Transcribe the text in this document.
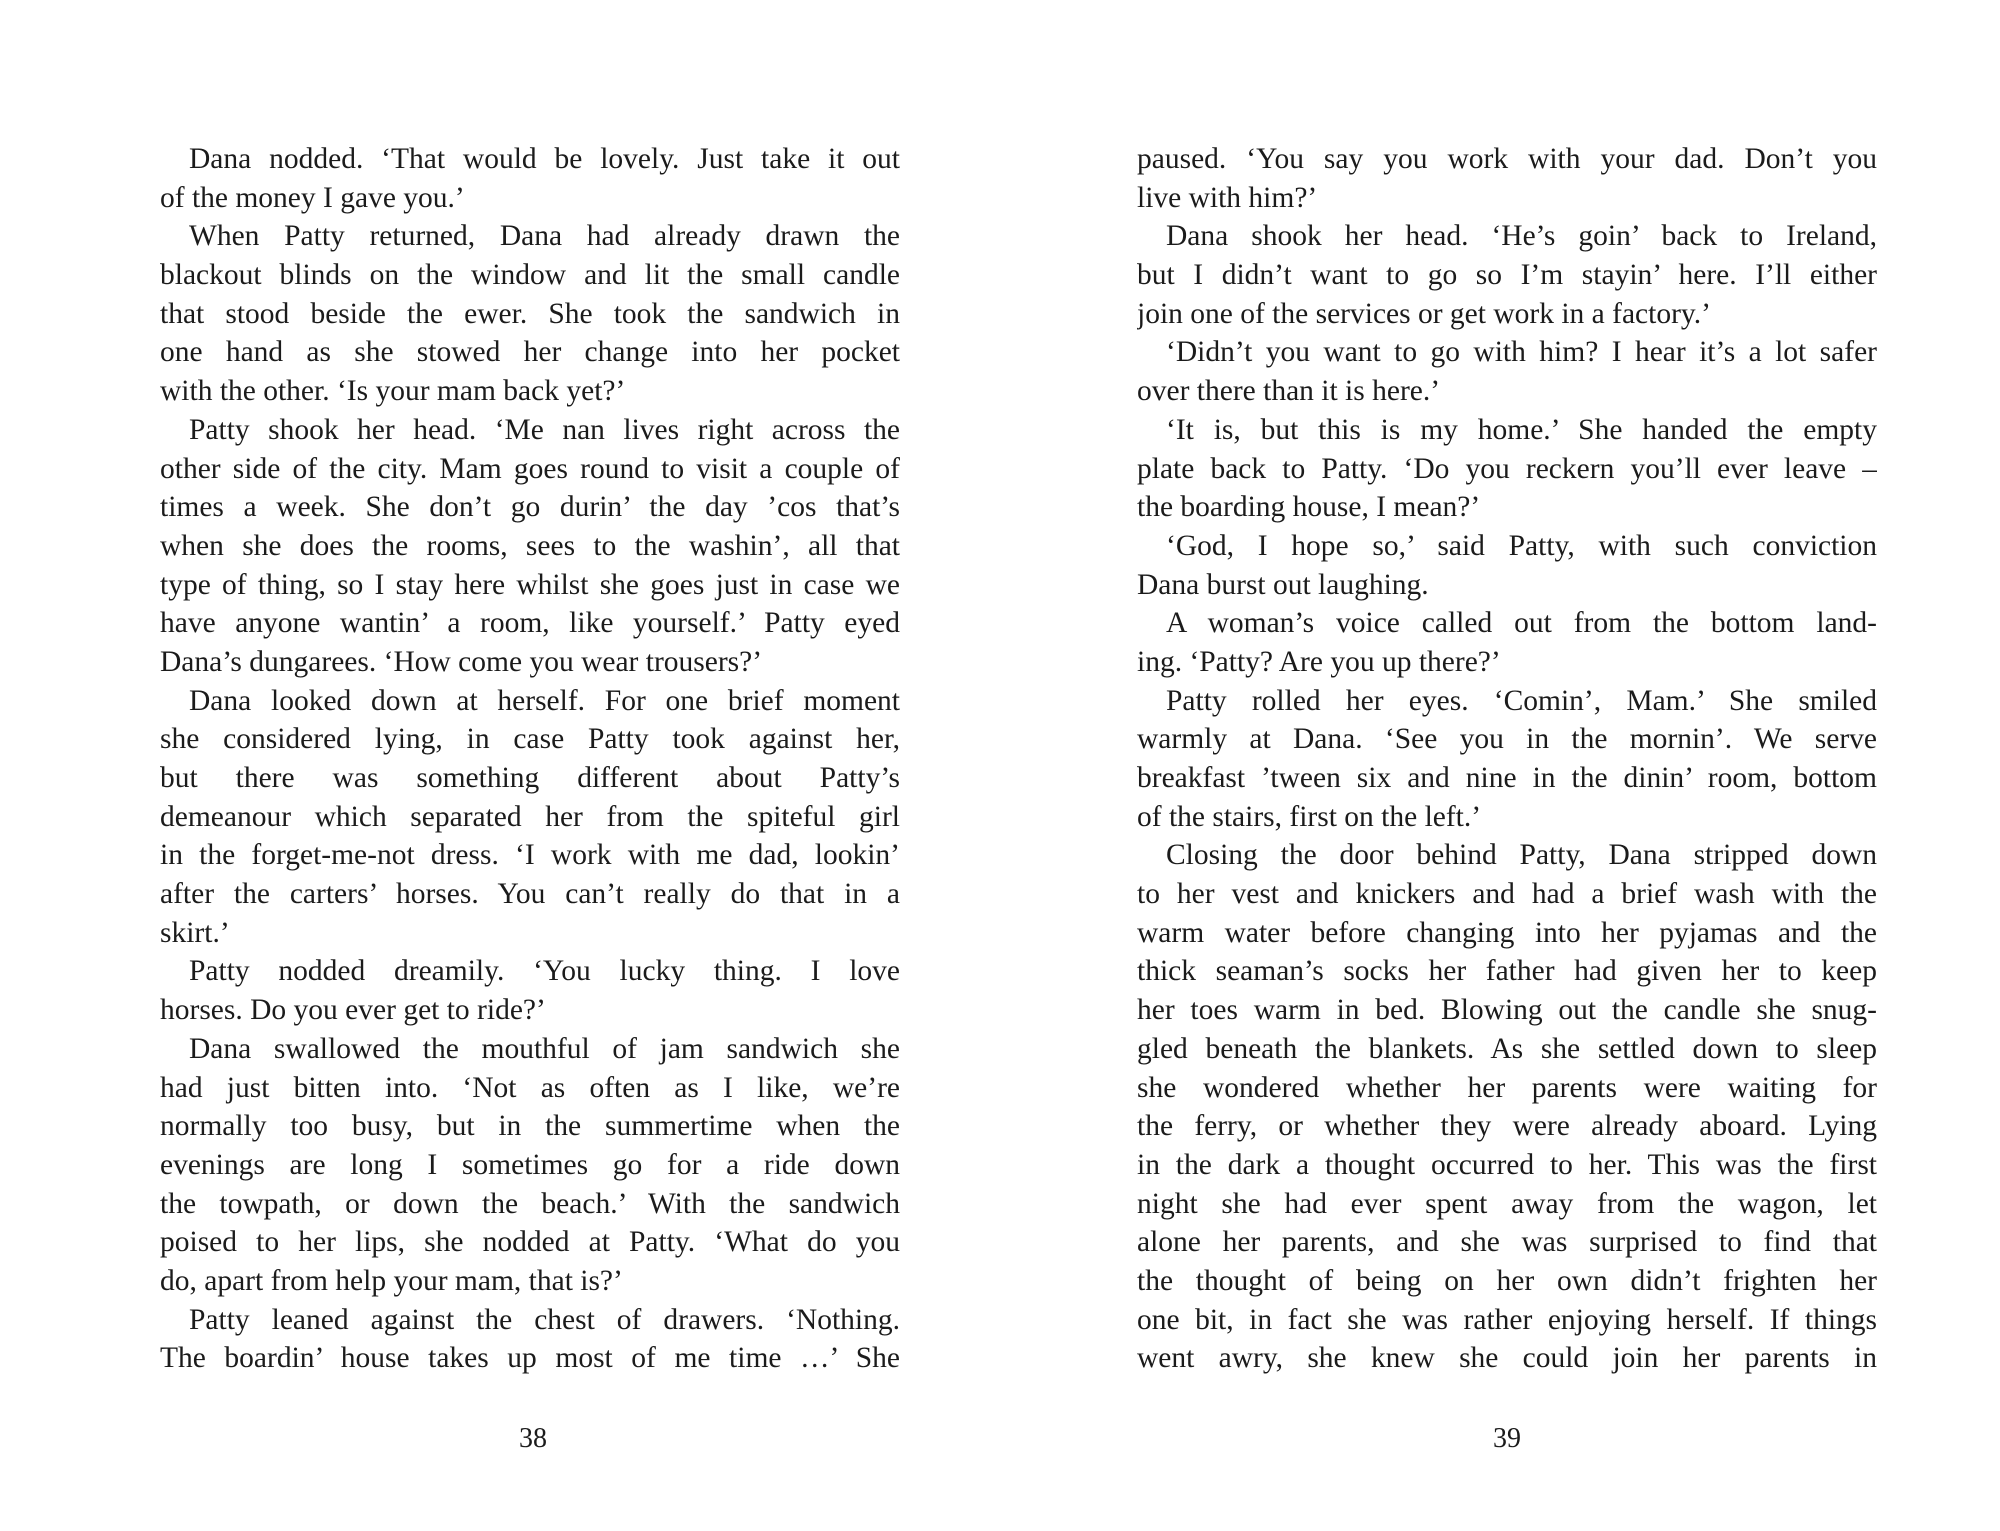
Dana nodded. ‘That would be lovely. Just take it out
of the money I gave you.’
When Patty returned, Dana had already drawn the
blackout blinds on the window and lit the small candle
that stood beside the ewer. She took the sandwich in
one hand as she stowed her change into her pocket
with the other. ‘Is your mam back yet?’
Patty shook her head. ‘Me nan lives right across the
other side of the city. Mam goes round to visit a couple of
times a week. She don’t go durin’ the day ’cos that’s
when she does the rooms, sees to the washin’, all that
type of thing, so I stay here whilst she goes just in case we
have anyone wantin’ a room, like yourself.’ Patty eyed
Dana’s dungarees. ‘How come you wear trousers?’
Dana looked down at herself. For one brief moment
she considered lying, in case Patty took against her,
but there was something different about Patty’s
demeanour which separated her from the spiteful girl
in the forget-me-not dress. ‘I work with me dad, lookin’
after the carters’ horses. You can’t really do that in a
skirt.’
Patty nodded dreamily. ‘You lucky thing. I love
horses. Do you ever get to ride?’
Dana swallowed the mouthful of jam sandwich she
had just bitten into. ‘Not as often as I like, we’re
normally too busy, but in the summertime when the
evenings are long I sometimes go for a ride down
the towpath, or down the beach.’ With the sandwich
poised to her lips, she nodded at Patty. ‘What do you
do, apart from help your mam, that is?’
Patty leaned against the chest of drawers. ‘Nothing.
The boardin’ house takes up most of me time …’ She
paused. ‘You say you work with your dad. Don’t you
live with him?’
Dana shook her head. ‘He’s goin’ back to Ireland,
but I didn’t want to go so I’m stayin’ here. I’ll either
join one of the services or get work in a factory.’
‘Didn’t you want to go with him? I hear it’s a lot safer
over there than it is here.’
‘It is, but this is my home.’ She handed the empty
plate back to Patty. ‘Do you reckern you’ll ever leave –
the boarding house, I mean?’
‘God, I hope so,’ said Patty, with such conviction
Dana burst out laughing.
A woman’s voice called out from the bottom land-
ing. ‘Patty? Are you up there?’
Patty rolled her eyes. ‘Comin’, Mam.’ She smiled
warmly at Dana. ‘See you in the mornin’. We serve
breakfast ’tween six and nine in the dinin’ room, bottom
of the stairs, first on the left.’
Closing the door behind Patty, Dana stripped down
to her vest and knickers and had a brief wash with the
warm water before changing into her pyjamas and the
thick seaman’s socks her father had given her to keep
her toes warm in bed. Blowing out the candle she snug-
gled beneath the blankets. As she settled down to sleep
she wondered whether her parents were waiting for
the ferry, or whether they were already aboard. Lying
in the dark a thought occurred to her. This was the first
night she had ever spent away from the wagon, let
alone her parents, and she was surprised to find that
the thought of being on her own didn’t frighten her
one bit, in fact she was rather enjoying herself. If things
went awry, she knew she could join her parents in
38	39
